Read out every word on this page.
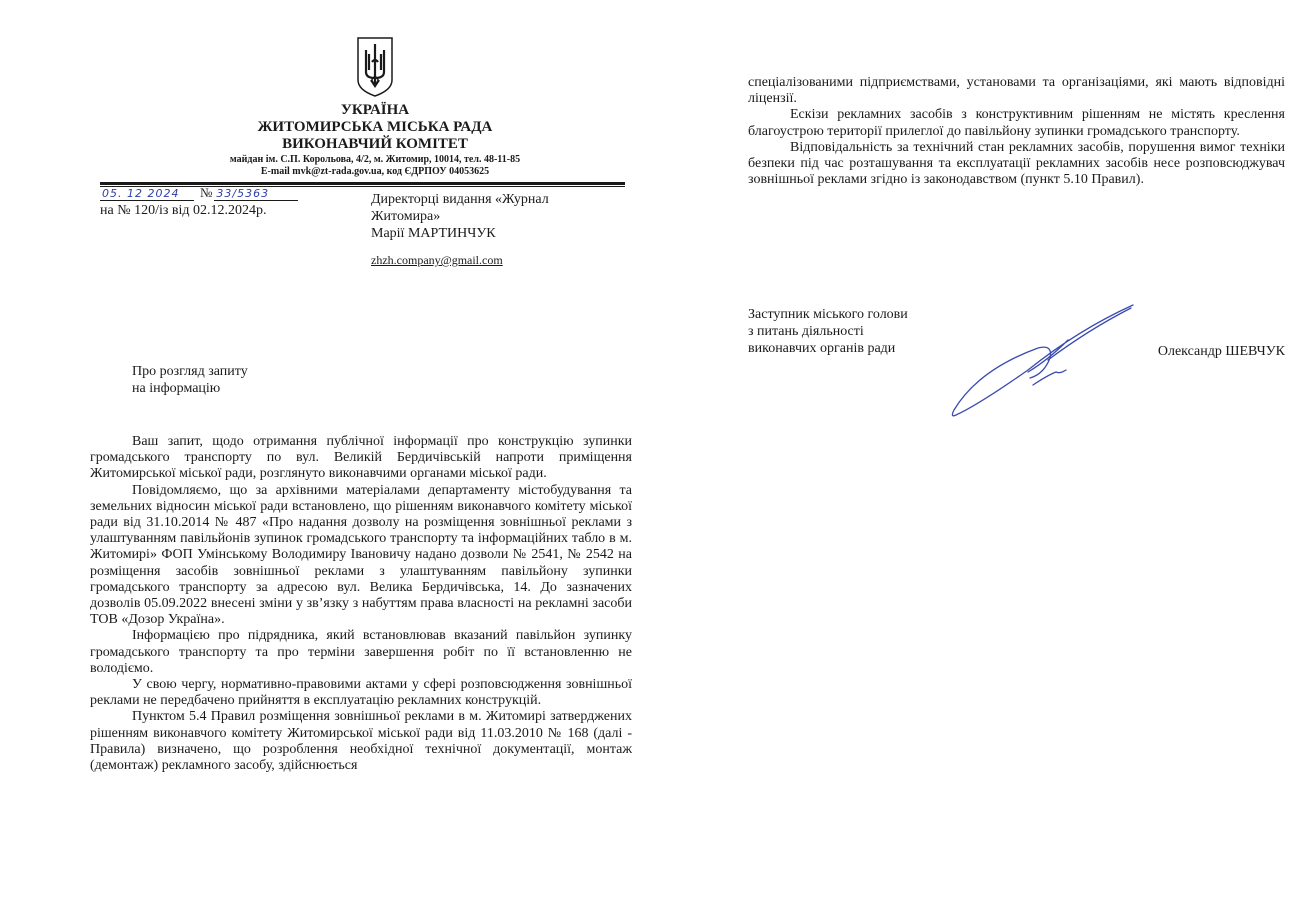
УКРАЇНА
ЖИТОМИРСЬКА МІСЬКА РАДА
ВИКОНАВЧИЙ КОМІТЕТ
майдан ім. С.П. Корольова, 4/2, м. Житомир, 10014, тел. 48-11-85
E-mail mvk@zt-rada.gov.ua, код ЄДРПОУ 04053625
05. 12 2024	№ 33/5363
на № 120/із від 02.12.2024р.
Директорці видання «Журнал
Житомира»
Марії МАРТИНЧУК
zhzh.company@gmail.com
Про розгляд запиту
на інформацію

Ваш запит, щодо отримання публічної інформації про конструкцію зупинки громадського транспорту по вул. Великій Бердичівській напроти приміщення Житомирської міської ради, розглянуто виконавчими органами міської ради.

Повідомляємо, що за архівними матеріалами департаменту містобудування та земельних відносин міської ради встановлено, що рішенням виконавчого комітету міської ради від 31.10.2014 № 487 «Про надання дозволу на розміщення зовнішньої реклами з улаштуванням павільйонів зупинок громадського транспорту та інформаційних табло в м. Житомирі» ФОП Умінському Володимиру Івановичу надано дозволи № 2541, № 2542 на розміщення засобів зовнішньої реклами з улаштуванням павільйону зупинки громадського транспорту за адресою вул. Велика Бердичівська, 14. До зазначених дозволів 05.09.2022 внесені зміни у зв’язку з набуттям права власності на рекламні засоби ТОВ «Дозор Україна».

Інформацією про підрядника, який встановлював вказаний павільйон зупинку громадського транспорту та про терміни завершення робіт по її встановленню не володіємо.

У свою чергу, нормативно-правовими актами у сфері розповсюдження зовнішньої реклами не передбачено прийняття в експлуатацію рекламних конструкцій.

Пунктом 5.4 Правил розміщення зовнішньої реклами в м. Житомирі затверджених рішенням виконавчого комітету Житомирської міської ради від 11.03.2010 № 168 (далі - Правила) визначено, що розроблення необхідної технічної документації, монтаж (демонтаж) рекламного засобу, здійснюється

спеціалізованими підприємствами, установами та організаціями, які мають відповідні ліцензії.

Ескізи рекламних засобів з конструктивним рішенням не містять креслення благоустрою території прилеглої до павільйону зупинки громадського транспорту.

Відповідальність за технічний стан рекламних засобів, порушення вимог техніки безпеки під час розташування та експлуатації рекламних засобів несе розповсюджувач зовнішньої реклами згідно із законодавством (пункт 5.10 Правил).

Заступник міського голови
з питань діяльності
виконавчих органів ради	Олександр ШЕВЧУК
